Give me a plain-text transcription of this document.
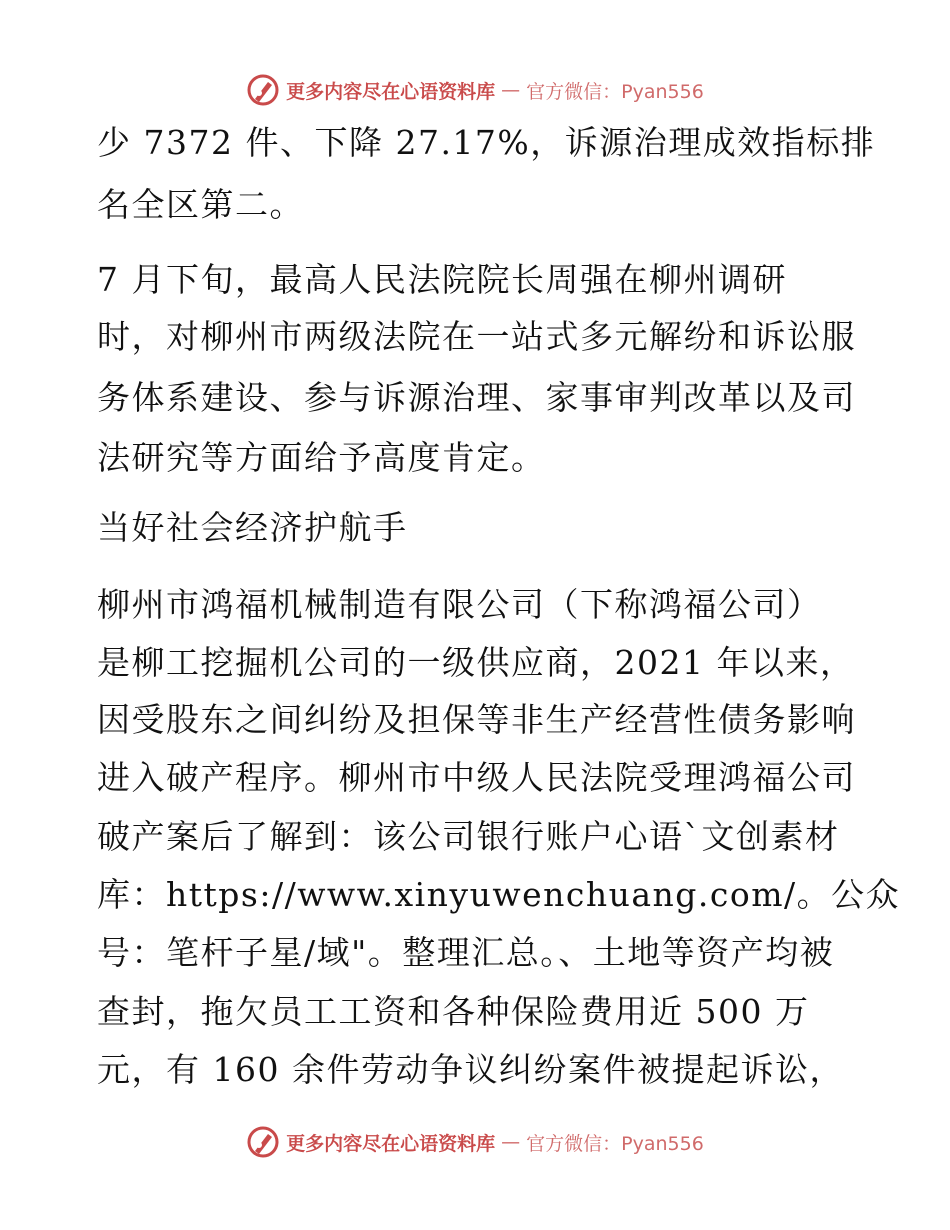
更多内容尽在心语资料库 — 官方微信：Pyan556
少 7372 件、下降 27.17%，诉源治理成效指标排
名全区第二。
7 月下旬，最高人民法院院长周强在柳州调研
时，对柳州市两级法院在一站式多元解纷和诉讼服
务体系建设、参与诉源治理、家事审判改革以及司
法研究等方面给予高度肯定。
当好社会经济护航手
柳州市鸿福机械制造有限公司（下称鸿福公司）
是柳工挖掘机公司的一级供应商，2021 年以来，
因受股东之间纠纷及担保等非生产经营性债务影响
进入破产程序。柳州市中级人民法院受理鸿福公司
破产案后了解到：该公司银行账户心语`文创素材
库：https://www.xinyuwenchuang.com/。公众
号：笔杆子星/域"。整理汇总。、土地等资产均被
查封，拖欠员工工资和各种保险费用近 500 万
元，有 160 余件劳动争议纠纷案件被提起诉讼，
更多内容尽在心语资料库 — 官方微信：Pyan556
